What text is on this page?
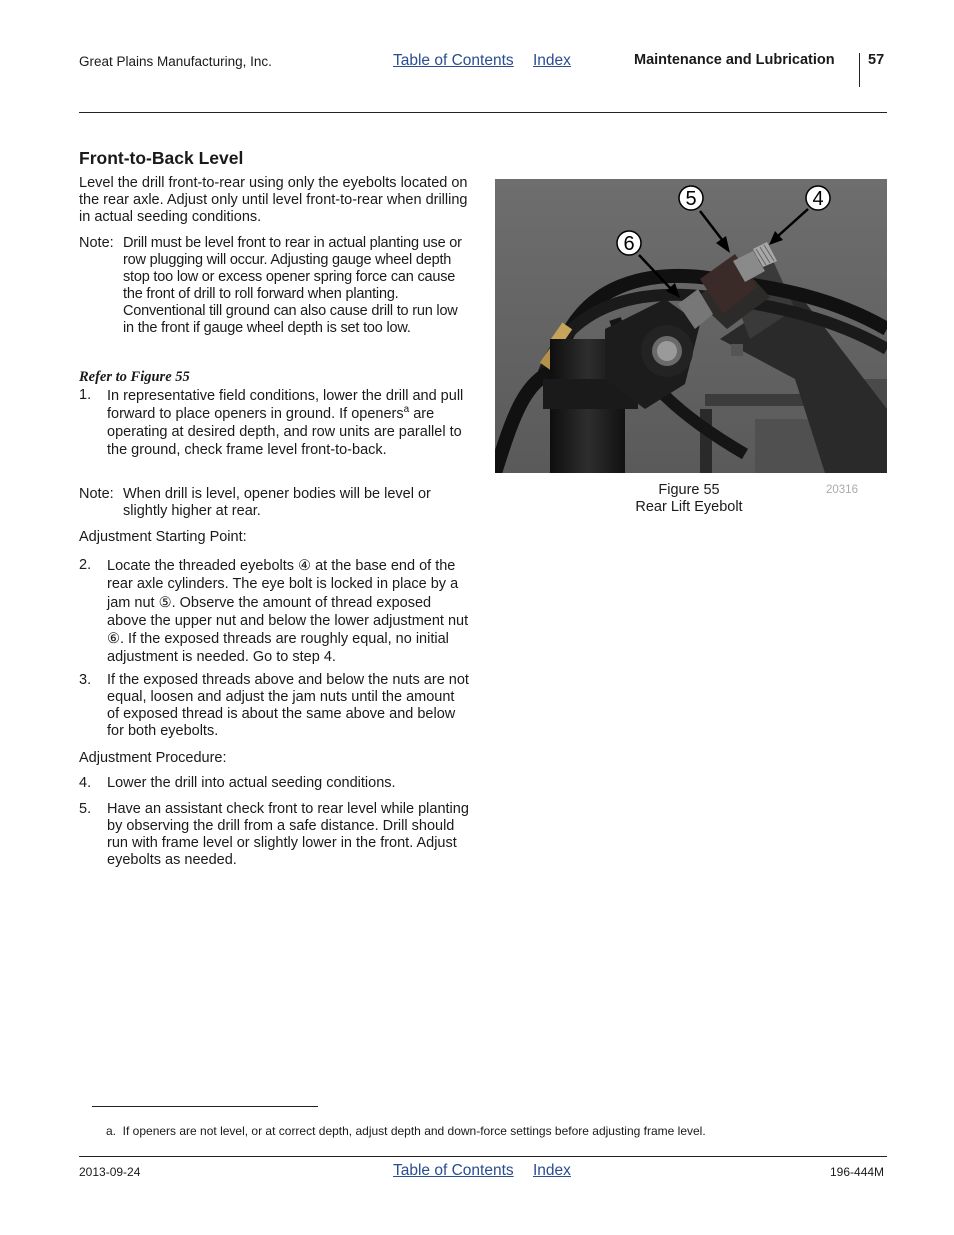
Great Plains Manufacturing, Inc.	Table of Contents Index	Maintenance and Lubrication 57
Front-to-Back Level

Level the drill front-to-rear using only the eyebolts located on the rear axle. Adjust only until level front-to-rear when drilling in actual seeding conditions.

Note: Drill must be level front to rear in actual planting use or row plugging will occur. Adjusting gauge wheel depth stop too low or excess opener spring force can cause the front of drill to roll forward when planting. Conventional till ground can also cause drill to run low in the front if gauge wheel depth is set too low.
Refer to Figure 55
1.	In representative field conditions, lower the drill and pull forward to place openers in ground. If openers$^a$ are operating at desired depth, and row units are parallel to the ground, check frame level front-to-back.
Note: When drill is level, opener bodies will be level or slightly higher at rear.
Adjustment Starting Point:
2.	Locate the threaded eyebolts ④ at the base end of the rear axle cylinders. The eye bolt is locked in place by a jam nut ⑤. Observe the amount of thread exposed above the upper nut and below the lower adjustment nut ⑥. If the exposed threads are roughly equal, no initial adjustment is needed. Go to step 4.
3.	If the exposed threads above and below the nuts are not equal, loosen and adjust the jam nuts until the amount of exposed thread is about the same above and below for both eyebolts.
Adjustment Procedure:
4.	Lower the drill into actual seeding conditions.
5.	Have an assistant check front to rear level while planting by observing the drill from a safe distance. Drill should run with frame level or slightly lower in the front. Adjust eyebolts as needed.
5	4
6
Figure 55
Rear Lift Eyebolt
20316
a.  If openers are not level, or at correct depth, adjust depth and down-force settings before adjusting frame level.
2013-09-24	Table of Contents Index	196-444M
